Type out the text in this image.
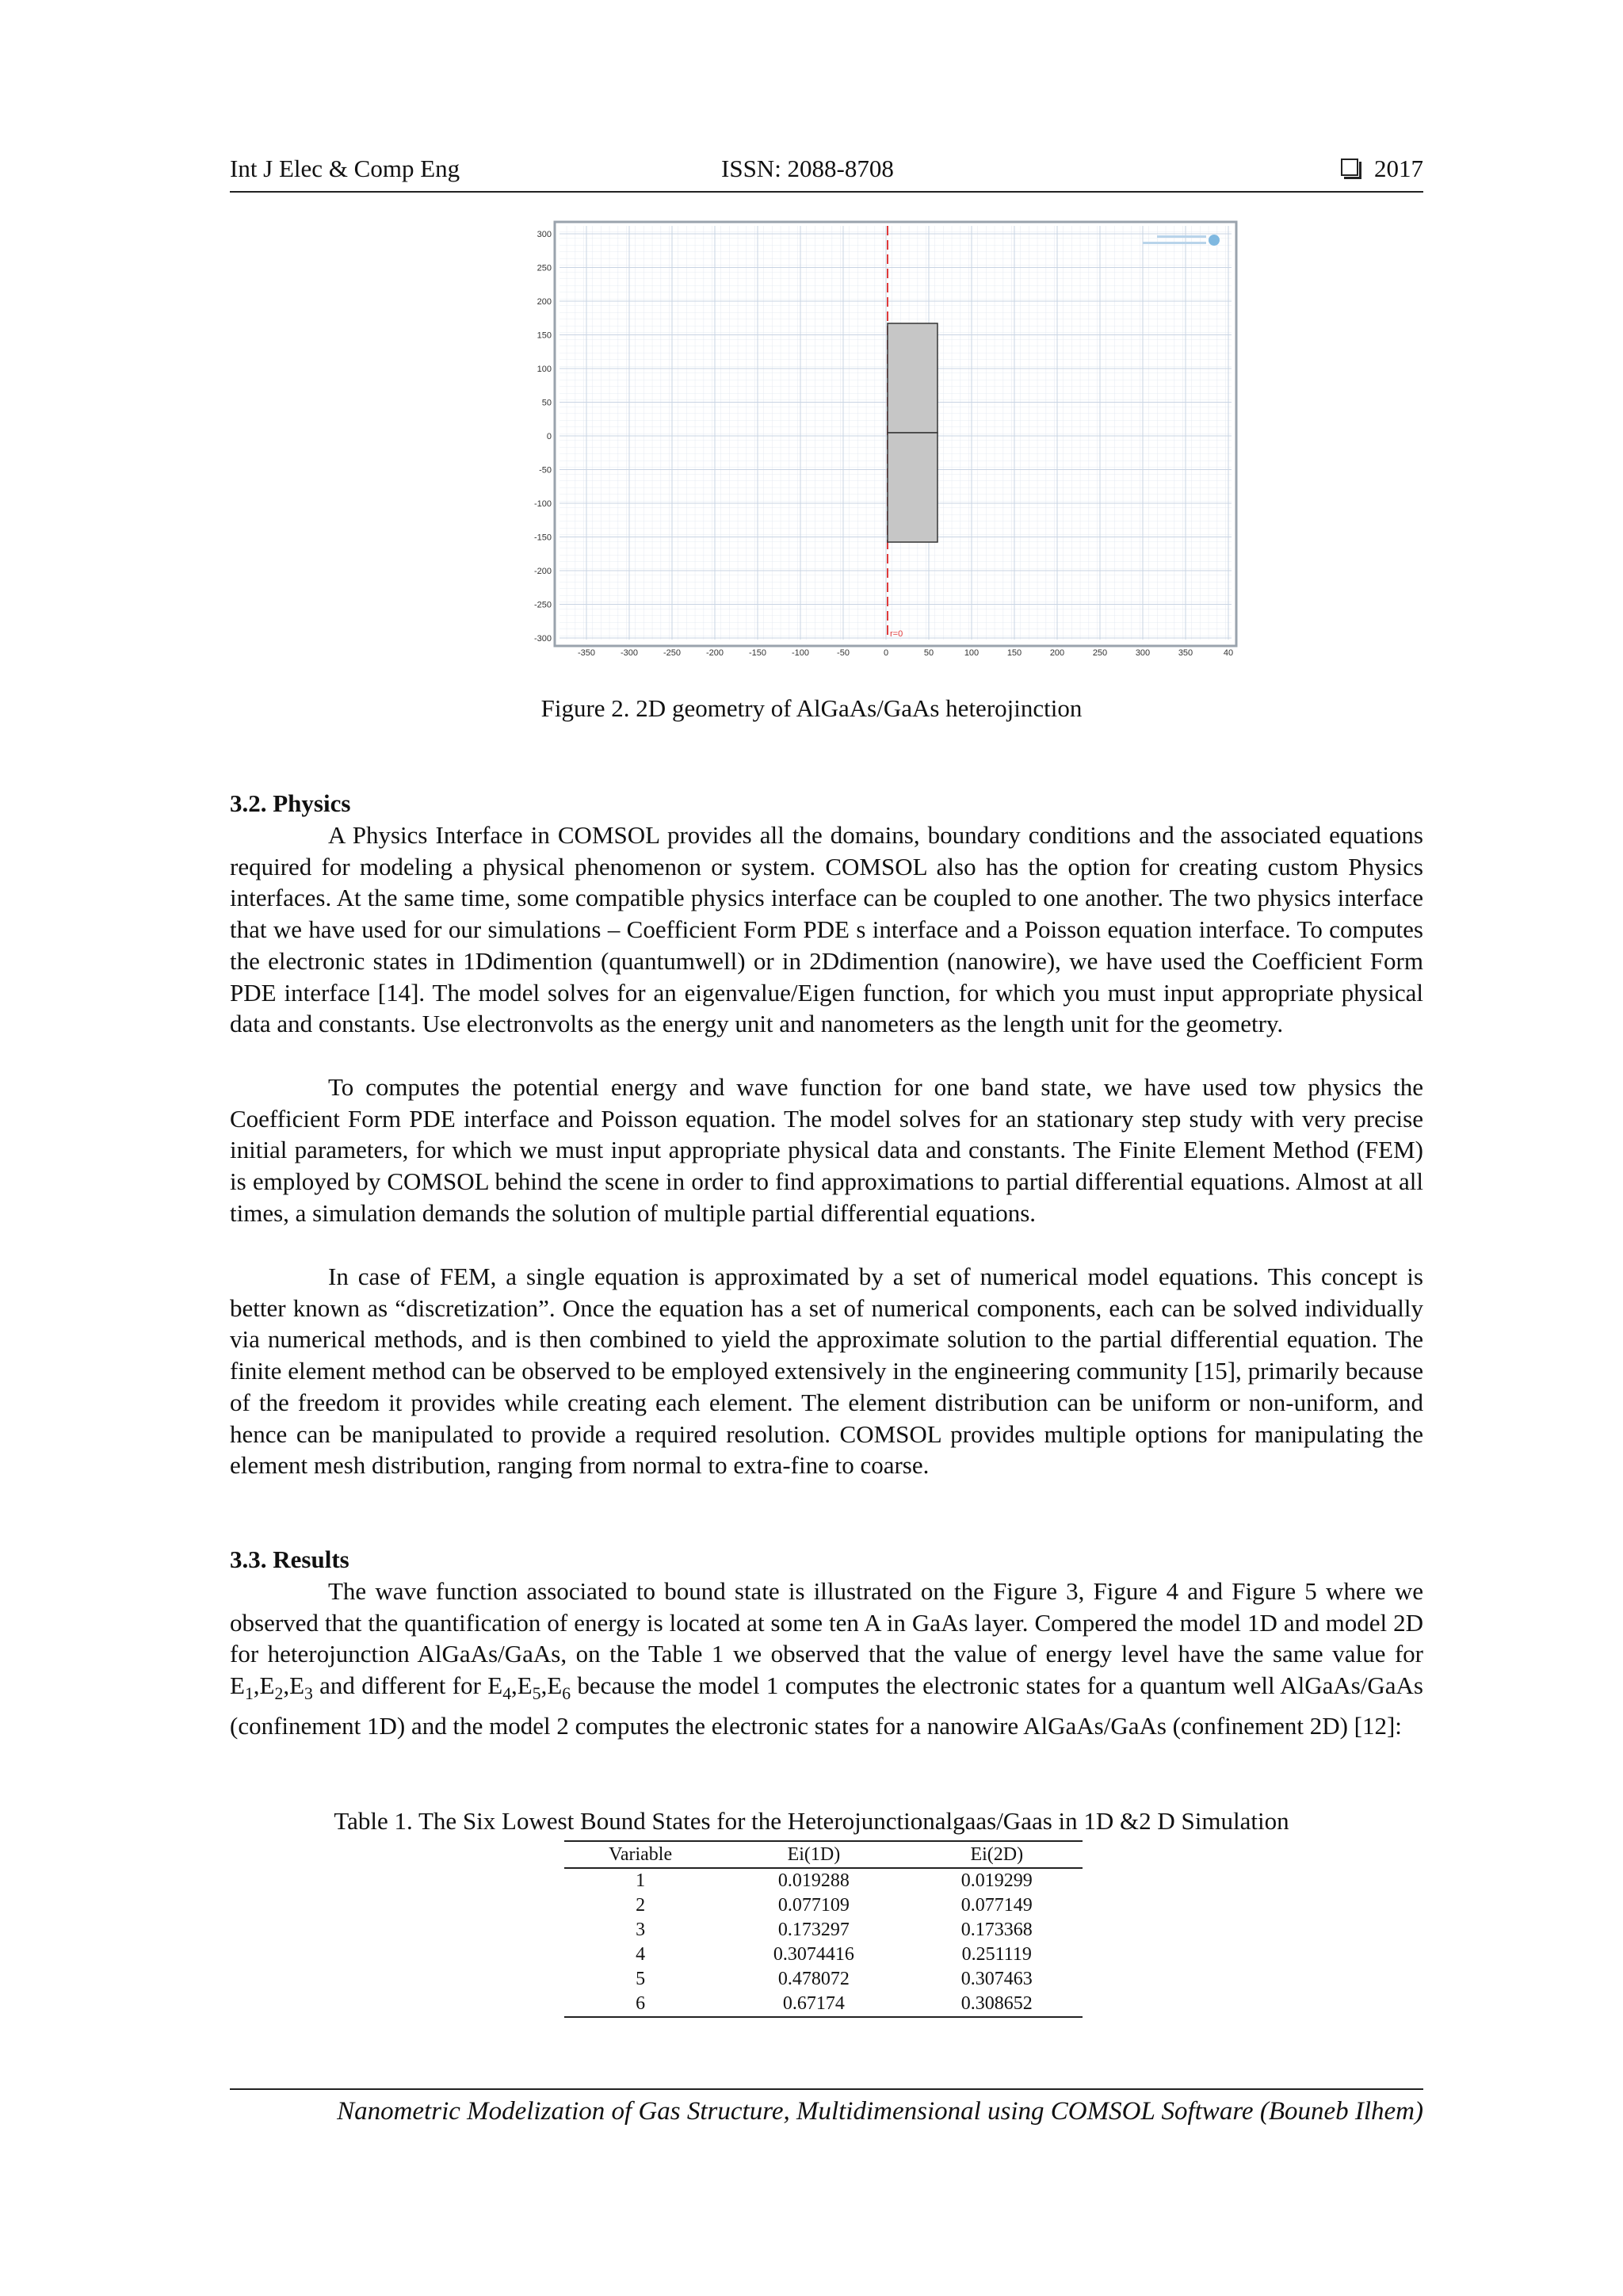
Int J Elec & Comp Eng	ISSN: 2088-8708	2017
300
250
200
150
100
50
0
-50
-100
-150
-200
-250
-300
-350	-300	-250	-200	-150	-100	-50	0	50	100	150	200	250	300	350	40
r=0
Figure 2. 2D geometry of AlGaAs/GaAs heterojinction
3.2. Physics
A Physics Interface in COMSOL provides all the domains, boundary conditions and the associated equations required for modeling a physical phenomenon or system. COMSOL also has the option for creating custom Physics interfaces. At the same time, some compatible physics interface can be coupled to one another. The two physics interface that we have used for our simulations – Coefficient Form PDE s interface and a Poisson equation interface. To computes the electronic states in 1Ddimention (quantumwell) or in 2Ddimention (nanowire), we have used the Coefficient Form PDE interface [14]. The model solves for an eigenvalue/Eigen function, for which you must input appropriate physical data and constants. Use electronvolts as the energy unit and nanometers as the length unit for the geometry.
To computes the potential energy and wave function for one band state, we have used tow physics the Coefficient Form PDE interface and Poisson equation. The model solves for an stationary step study with very precise initial parameters, for which we must input appropriate physical data and constants. The Finite Element Method (FEM) is employed by COMSOL behind the scene in order to find approximations to partial differential equations. Almost at all times, a simulation demands the solution of multiple partial differential equations.
In case of FEM, a single equation is approximated by a set of numerical model equations. This concept is better known as “discretization”. Once the equation has a set of numerical components, each can be solved individually via numerical methods, and is then combined to yield the approximate solution to the partial differential equation. The finite element method can be observed to be employed extensively in the engineering community [15], primarily because of the freedom it provides while creating each element. The element distribution can be uniform or non-uniform, and hence can be manipulated to provide a required resolution. COMSOL provides multiple options for manipulating the element mesh distribution, ranging from normal to extra-fine to coarse.
3.3. Results
The wave function associated to bound state is illustrated on the Figure 3, Figure 4 and Figure 5 where we observed that the quantification of energy is located at some ten A in GaAs layer. Compered the model 1D and model 2D for heterojunction AlGaAs/GaAs, on the Table 1 we observed that the value of energy level have the same value for $E_1,E_2,E_3$ and different for $E_4,E_5,E_6$ because the model 1 computes the electronic states for a quantum well AlGaAs/GaAs (confinement 1D) and the model 2 computes the electronic states for a nanowire AlGaAs/GaAs (confinement 2D) [12]:
Table 1. The Six Lowest Bound States for the Heterojunctionalgaas/Gaas in 1D &2 D Simulation
Variable	Ei(1D)	Ei(2D)
1	0.019288	0.019299
2	0.077109	0.077149
3	0.173297	0.173368
4	0.3074416	0.251119
5	0.478072	0.307463
6	0.67174	0.308652
Nanometric Modelization of Gas Structure, Multidimensional using COMSOL Software (Bouneb Ilhem)
